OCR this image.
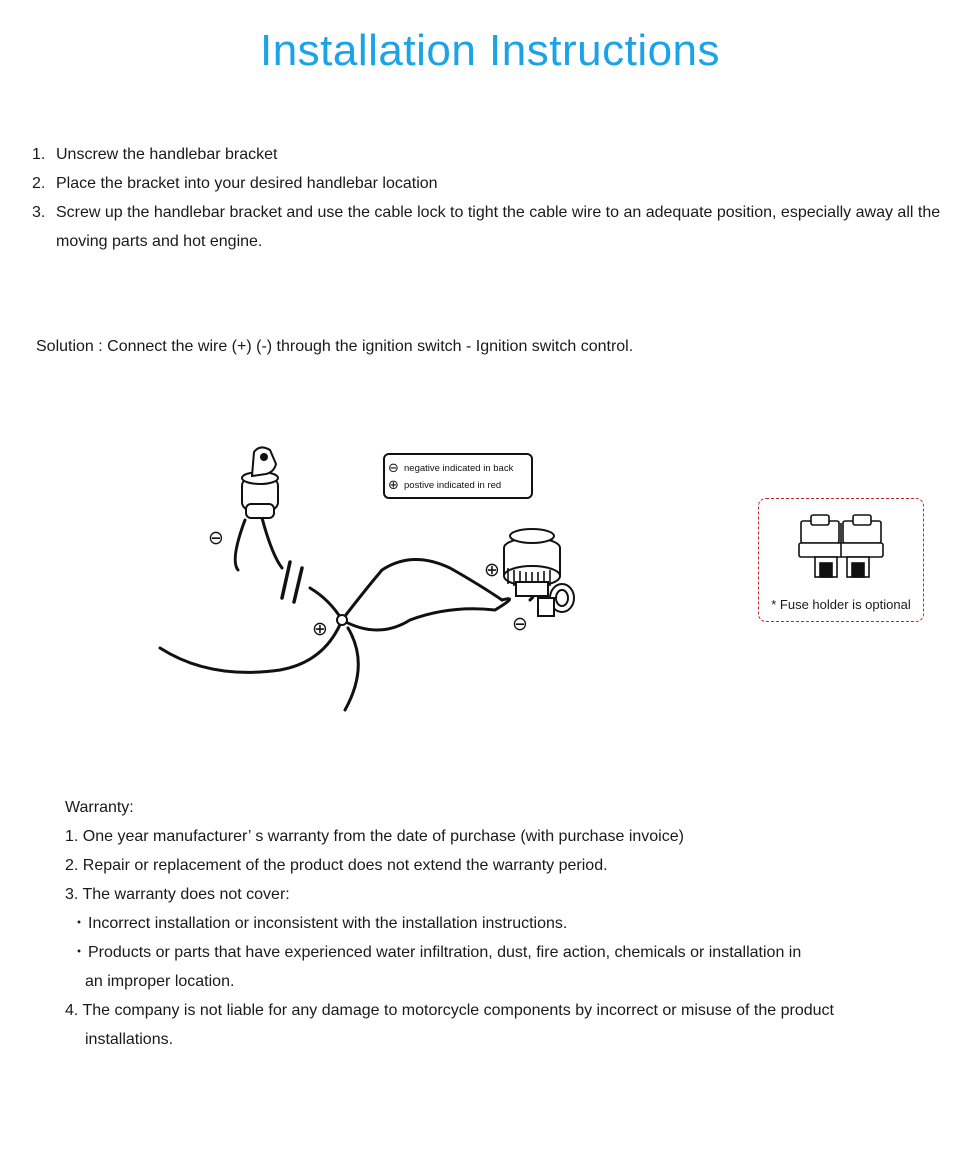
Installation Instructions
1. Unscrew the handlebar bracket
2. Place the bracket into your desired handlebar location
3. Screw up the handlebar bracket and use the cable lock to tight the cable wire to an adequate position, especially away all the moving parts and hot engine.
Solution : Connect the wire (+) (-) through the ignition switch - Ignition switch control.
⊖
⊕
⊕
⊖
⊖ negative indicated in back
⊕ postive indicated in red
* Fuse holder is optional
Warranty:
1. One year manufacturer’ s warranty from the date of purchase (with purchase invoice)
2. Repair or replacement of the product does not extend the warranty period.
3. The warranty does not cover:
・ Incorrect installation or inconsistent with the installation instructions.
・ Products or parts that have experienced water infiltration, dust, fire action, chemicals or installation in
an improper location.
4. The company is not liable for any damage to motorcycle components by incorrect or misuse of the product
installations.
